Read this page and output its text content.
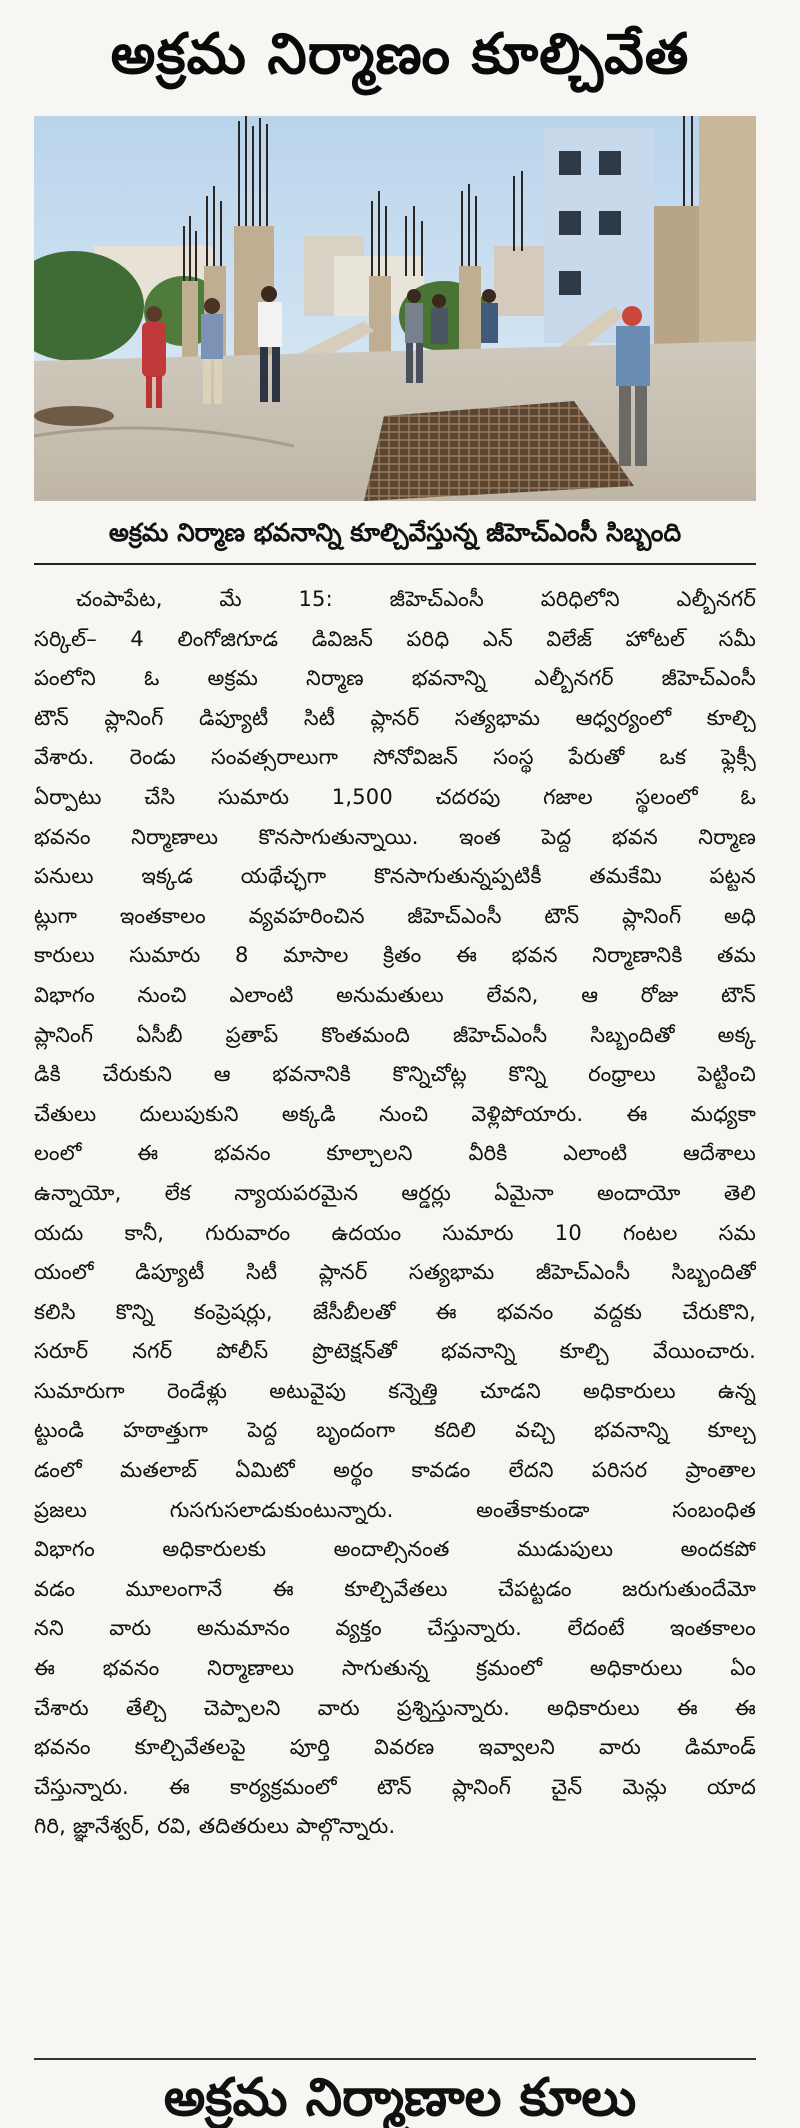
అక్రమ నిర్మాణం కూల్చివేత
అక్రమ నిర్మాణ భవనాన్ని కూల్చివేస్తున్న జీహెచ్ఎంసీ సిబ్బంది
చంపాపేట, మే 15: జీహెచ్ఎంసీ పరిధిలోని ఎల్బీనగర్
సర్కిల్– 4 లింగోజిగూడ డివిజన్ పరిధి ఎన్ విలేజ్ హోటల్ సమీ
పంలోని ఓ అక్రమ నిర్మాణ భవనాన్ని ఎల్బీనగర్ జీహెచ్ఎంసీ
టౌన్ ప్లానింగ్ డిప్యూటీ సిటీ ప్లానర్ సత్యభామ ఆధ్వర్యంలో కూల్చి
వేశారు. రెండు సంవత్సరాలుగా సోనోవిజన్ సంస్థ పేరుతో ఒక ఫ్లెక్సీ
ఏర్పాటు చేసి సుమారు 1,500 చదరపు గజాల స్థలంలో ఓ
భవనం నిర్మాణాలు కొనసాగుతున్నాయి. ఇంత పెద్ద భవన నిర్మాణ
పనులు ఇక్కడ యథేచ్ఛగా కొనసాగుతున్నప్పటికీ తమకేమి పట్టన
ట్లుగా ఇంతకాలం వ్యవహరించిన జీహెచ్ఎంసీ టౌన్ ప్లానింగ్ అధి
కారులు సుమారు 8 మాసాల క్రితం ఈ భవన నిర్మాణానికి తమ
విభాగం నుంచి ఎలాంటి అనుమతులు లేవని, ఆ రోజు టౌన్
ప్లానింగ్ ఏసీబీ ప్రతాప్ కొంతమంది జీహెచ్ఎంసీ సిబ్బందితో అక్క
డికి చేరుకుని ఆ భవనానికి కొన్నిచోట్ల కొన్ని రంధ్రాలు పెట్టించి
చేతులు దులుపుకుని అక్కడి నుంచి వెళ్లిపోయారు. ఈ మధ్యకా
లంలో ఈ భవనం కూల్చాలని వీరికి ఎలాంటి ఆదేశాలు
ఉన్నాయో, లేక న్యాయపరమైన ఆర్డర్లు ఏమైనా అందాయో తెలి
యదు కానీ, గురువారం ఉదయం సుమారు 10 గంటల సమ
యంలో డిప్యూటీ సిటీ ప్లానర్ సత్యభామ జీహెచ్ఎంసీ సిబ్బందితో
కలిసి కొన్ని కంప్రెషర్లు, జేసీబీలతో ఈ భవనం వద్దకు చేరుకొని,
సరూర్ నగర్ పోలీస్ ప్రొటెక్షన్‌తో భవనాన్ని కూల్చి వేయించారు.
సుమారుగా రెండేళ్లు అటువైపు కన్నెత్తి చూడని అధికారులు ఉన్న
ట్టుండి హఠాత్తుగా పెద్ద బృందంగా కదిలి వచ్చి భవనాన్ని కూల్చ
డంలో మతలాబ్ ఏమిటో అర్థం కావడం లేదని పరిసర ప్రాంతాల
ప్రజలు గుసగుసలాడుకుంటున్నారు. అంతేకాకుండా సంబంధిత
విభాగం అధికారులకు అందాల్సినంత ముడుపులు అందకపో
వడం మూలంగానే ఈ కూల్చివేతలు చేపట్టడం జరుగుతుందేమో
నని వారు అనుమానం వ్యక్తం చేస్తున్నారు. లేదంటే ఇంతకాలం
ఈ భవనం నిర్మాణాలు సాగుతున్న క్రమంలో అధికారులు ఏం
చేశారు తేల్చి చెప్పాలని వారు ప్రశ్నిస్తున్నారు. అధికారులు ఈ ఈ
భవనం కూల్చివేతలపై పూర్తి వివరణ ఇవ్వాలని వారు డిమాండ్
చేస్తున్నారు. ఈ కార్యక్రమంలో టౌన్ ప్లానింగ్ చైన్ మెన్లు యాద
గిరి, జ్ఞానేశ్వర్, రవి, తదితరులు పాల్గొన్నారు.
అక్రమ నిర్మాణాల కూలు
